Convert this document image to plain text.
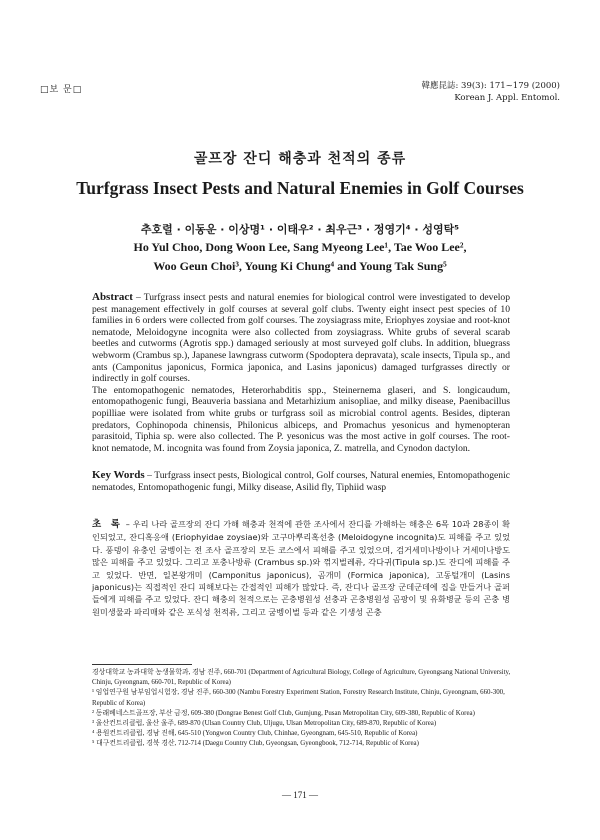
□보 문□	韓應昆誌: 39(3): 171~179 (2000)
Korean J. Appl. Entomol.
골프장 잔디 해충과 천적의 종류
Turfgrass Insect Pests and Natural Enemies in Golf Courses
추호렬 · 이동운 · 이상명¹ · 이태우² · 최우근³ · 정영기⁴ · 성영탁⁵
Ho Yul Choo, Dong Woon Lee, Sang Myeong Lee¹, Tae Woo Lee²,
Woo Geun Choi³, Young Ki Chung⁴ and Young Tak Sung⁵
Abstract – Turfgrass insect pests and natural enemies for biological control were investigated to develop pest management effectively in golf courses at several golf clubs. Twenty eight insect pest species of 10 families in 6 orders were collected from golf courses. The zoysiagrass mite, Eriophyes zoysiae and root-knot nematode, Meloidogyne incognita were also collected from zoysiagrass. White grubs of several scarab beetles and cutworms (Agrotis spp.) damaged seriously at most surveyed golf clubs. In addition, bluegrass webworm (Crambus sp.), Japanese lawngrass cutworm (Spodoptera depravata), scale insects, Tipula sp., and ants (Camponitus japonicus, Formica japonica, and Lasins japonicus) damaged turfgrasses directly or indirectly in golf courses.
The entomopathogenic nematodes, Heterorhabditis spp., Steinernema glaseri, and S. longicaudum, entomopathogenic fungi, Beauveria bassiana and Metarhizium anisopliae, and milky disease, Paenibacillus popilliae were isolated from white grubs or turfgrass soil as microbial control agents. Besides, dipteran predators, Cophinopoda chinensis, Philonicus albiceps, and Promachus yesonicus and hymenopteran parasitoid, Tiphia sp. were also collected. The P. yesonicus was the most active in golf courses. The root-knot nematode, M. incognita was found from Zoysia japonica, Z. matrella, and Cynodon dactylon.
Key Words – Turfgrass insect pests, Biological control, Golf courses, Natural enemies, Entomopathogenic nematodes, Entomopathogenic fungi, Milky disease, Asilid fly, Tiphiid wasp
초 록 – 우리 나라 골프장의 잔디 가해 해충과 천적에 관한 조사에서 잔디를 가해하는 해충은 6목 10과 28종이 확인되었고, 잔디혹응애 (Eriophyidae zoysiae)와 고구마뿌리혹선충 (Meloidogyne incognita)도 피해를 주고 있었다. 풍뎅이 유충인 굼벵이는 전 조사 골프장의 모든 코스에서 피해를 주고 있었으며, 검거세미나방이나 거세미나방도 많은 피해를 주고 있었다. 그리고 포충나방류 (Crambus sp.)와 꺾지벌레류, 각다귀(Tipula sp.)도 잔디에 피해를 주고 있었다. 반면, 일본왕개미 (Camponitus japonicus), 곰개미 (Formica japonica), 고동털개미 (Lasins japonicus)는 직접적인 잔디 피해보다는 간접적인 피해가 많았다. 즉, 잔디나 골프장 군데군데에 집을 만들거나 골퍼들에게 피해를 주고 있었다. 잔디 해충의 천적으로는 곤충병원성 선충과 곤충병원성 곰팡이 및 유화병균 등의 곤충 병원미생물과 파리매와 같은 포식성 천적류, 그리고 굼벵이벌 등과 같은 기생성 곤충

경상대학교 농과대학 농생물학과, 경남 진주, 660-701 (Department of Agricultural Biology, College of Agriculture, Gyeongsang National University, Chinju, Gyeongnam, 660-701, Republic of Korea)

¹ 임업연구원 남부임업시험장, 경남 진주, 660-300 (Nambu Forestry Experiment Station, Forestry Research Institute, Chinju, Gyeongnam, 660-300, Republic of Korea)

² 동래베네스트골프장, 부산 금정, 609-380 (Dongrae Benest Golf Club, Gumjung, Pusan Metropolitan City, 609-380, Republic of Korea)

³ 울산컨트리클럽, 울산 울주, 689-870 (Ulsan Country Club, Uljugu, Ulsan Metropolitan City, 689-870, Republic of Korea)

⁴ 용원컨트리클럽, 경남 진해, 645-510 (Yongwon Country Club, Chinhae, Gyeongnam, 645-510, Republic of Korea)

⁵ 대구컨트리클럽, 경북 경산, 712-714 (Daegu Country Club, Gyeongsan, Gyeongbook, 712-714, Republic of Korea)

— 171 —
